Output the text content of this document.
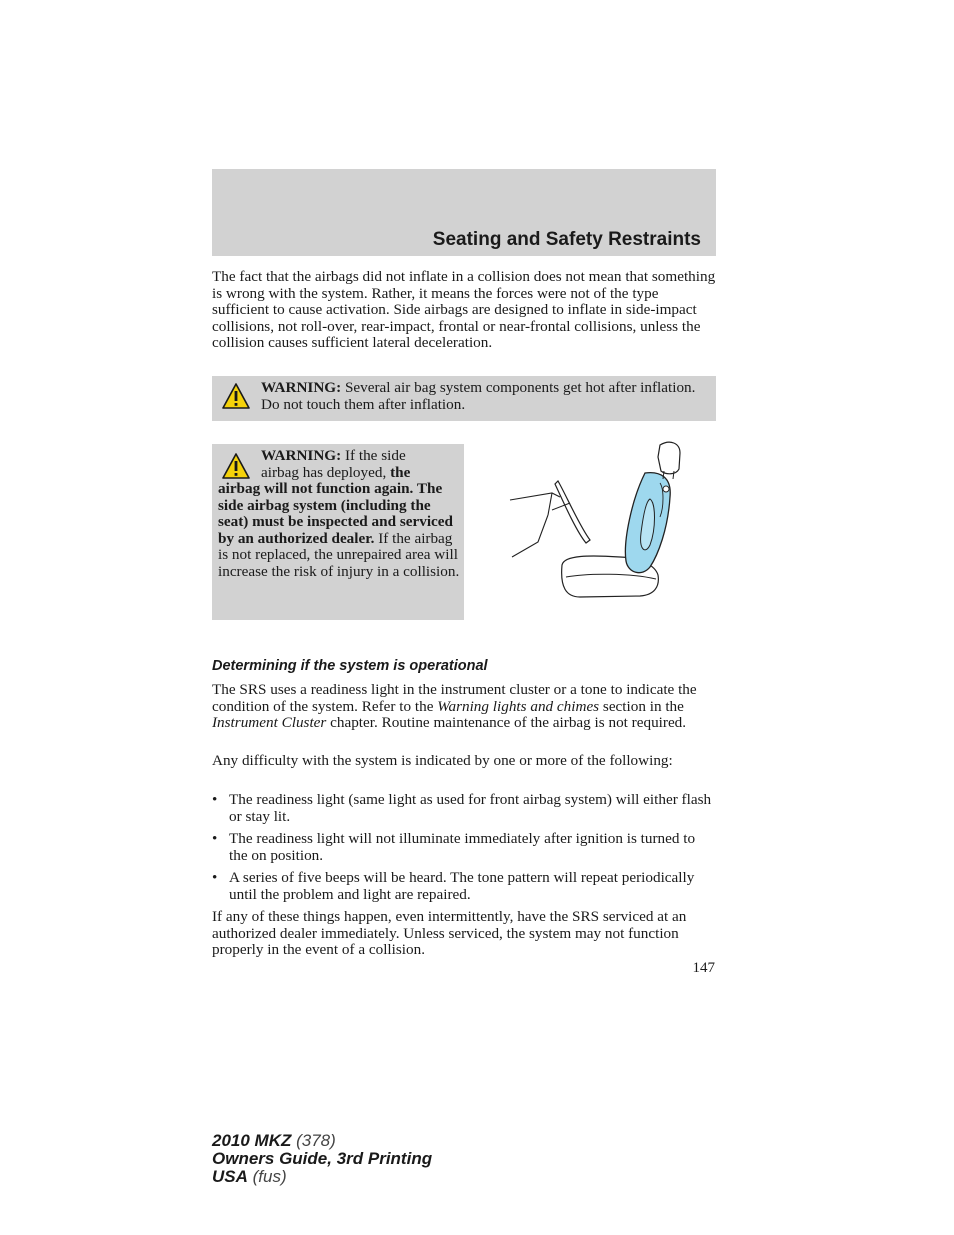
Seating and Safety Restraints
The fact that the airbags did not inflate in a collision does not mean that something is wrong with the system. Rather, it means the forces were not of the type sufficient to cause activation. Side airbags are designed to inflate in side-impact collisions, not roll-over, rear-impact, frontal or near-frontal collisions, unless the collision causes sufficient lateral deceleration.
WARNING: Several air bag system components get hot after inflation. Do not touch them after inflation.
WARNING: If the side
airbag has deployed, the
airbag will not function again. The side airbag system (including the seat) must be inspected and serviced by an authorized dealer. If the airbag is not replaced, the unrepaired area will increase the risk of injury in a collision.
Determining if the system is operational
The SRS uses a readiness light in the instrument cluster or a tone to indicate the condition of the system. Refer to the Warning lights and chimes section in the Instrument Cluster chapter. Routine maintenance of the airbag is not required.
Any difficulty with the system is indicated by one or more of the following:
• The readiness light (same light as used for front airbag system) will either flash or stay lit.
• The readiness light will not illuminate immediately after ignition is turned to the on position.
• A series of five beeps will be heard. The tone pattern will repeat periodically until the problem and light are repaired.
If any of these things happen, even intermittently, have the SRS serviced at an authorized dealer immediately. Unless serviced, the system may not function properly in the event of a collision.
147
2010 MKZ (378)
Owners Guide, 3rd Printing
USA (fus)
